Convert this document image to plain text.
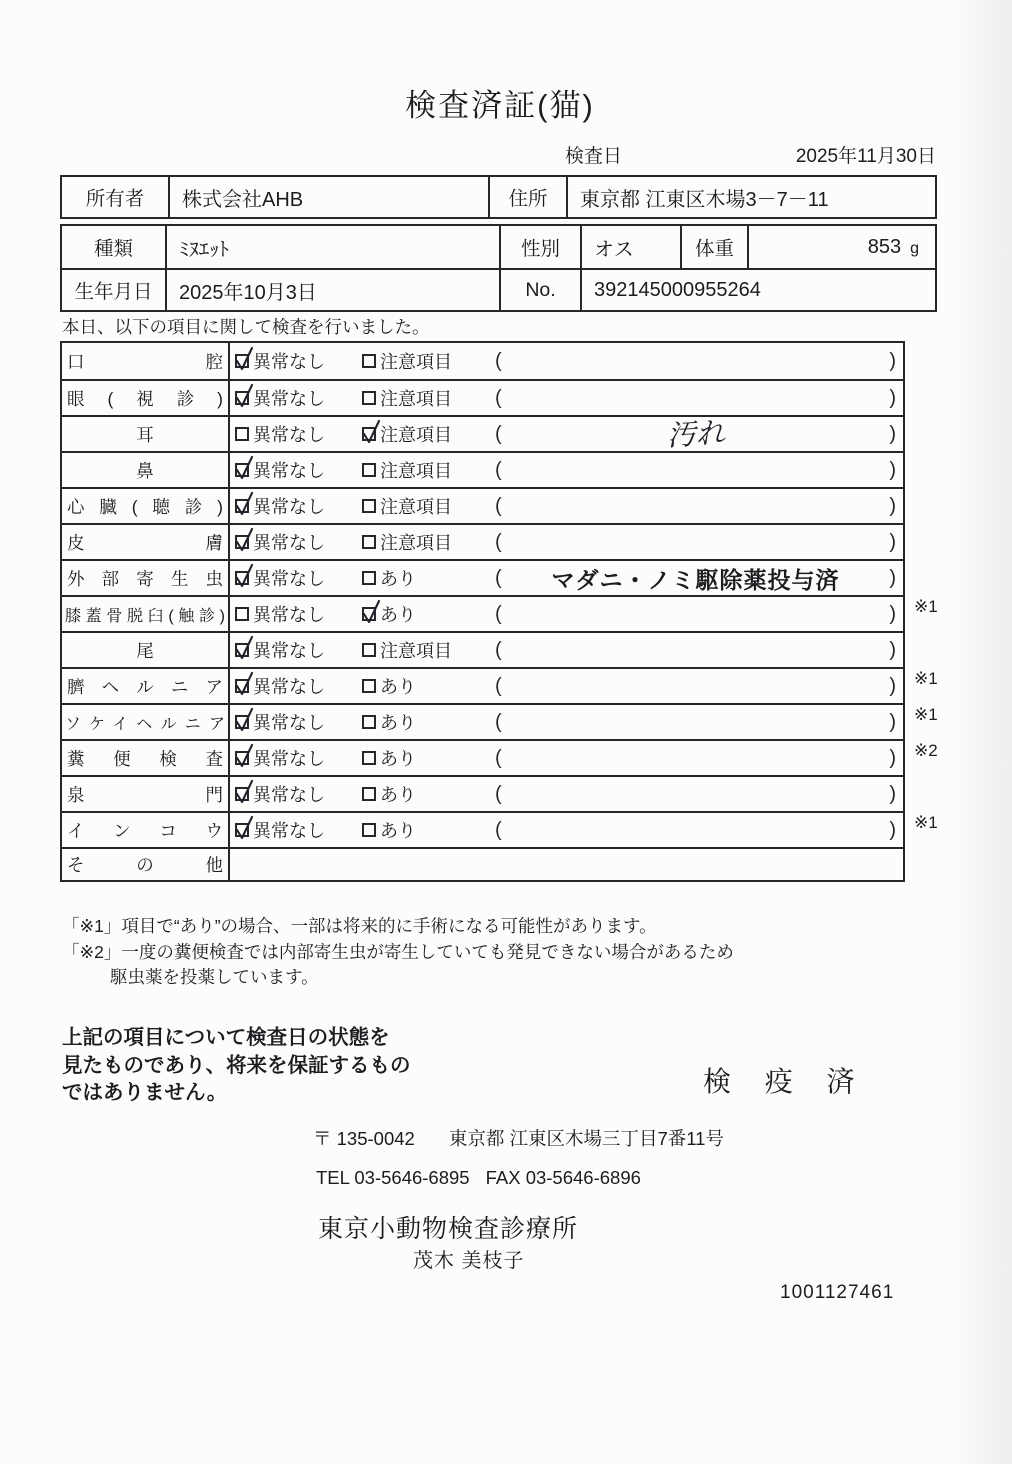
検査済証(猫)
検査日	2025年11月30日
所有者	株式会社AHB	住所	東京都 江東区木場3－7－11
種類	ﾐﾇｴｯﾄ	性別	オス	体重	853 g
生年月日	2025年10月3日	No.	392145000955264
本日、以下の項目に関して検査を行いました。
口腔 異常なし	注意項目 (	)
眼(視診) 異常なし	注意項目 (	)
耳	異常なし	注意項目 (	汚れ	)
鼻	異常なし	注意項目 (	)
心臓(聴診) 異常なし	注意項目 (	)
皮膚 異常なし	注意項目 (	)
外部寄生虫 異常なし	あり	(	マダニ・ノミ駆除薬投与済	)
膝蓋骨脱臼(触診) 異常なし	あり	(	) ※1
尾	異常なし	注意項目 (	)
臍ヘルニア 異常なし	あり	(	) ※1
ソケイヘルニア 異常なし	あり	(	) ※1
糞便検査 異常なし	あり	(	) ※2
泉門 異常なし	あり	(	)
インコウ 異常なし	あり	(	) ※1
その他
「※1」項目で“あり”の場合、一部は将来的に手術になる可能性があります。
「※2」一度の糞便検査では内部寄生虫が寄生していても発見できない場合があるため
駆虫薬を投薬しています。
上記の項目について検査日の状態を
見たものであり、将来を保証するもの
ではありません。	検 疫 済
〒 135-0042 東京都 江東区木場三丁目7番11号
TEL 03-5646-6895 FAX 03-5646-6896
東京小動物検査診療所
茂木 美枝子
1001127461
